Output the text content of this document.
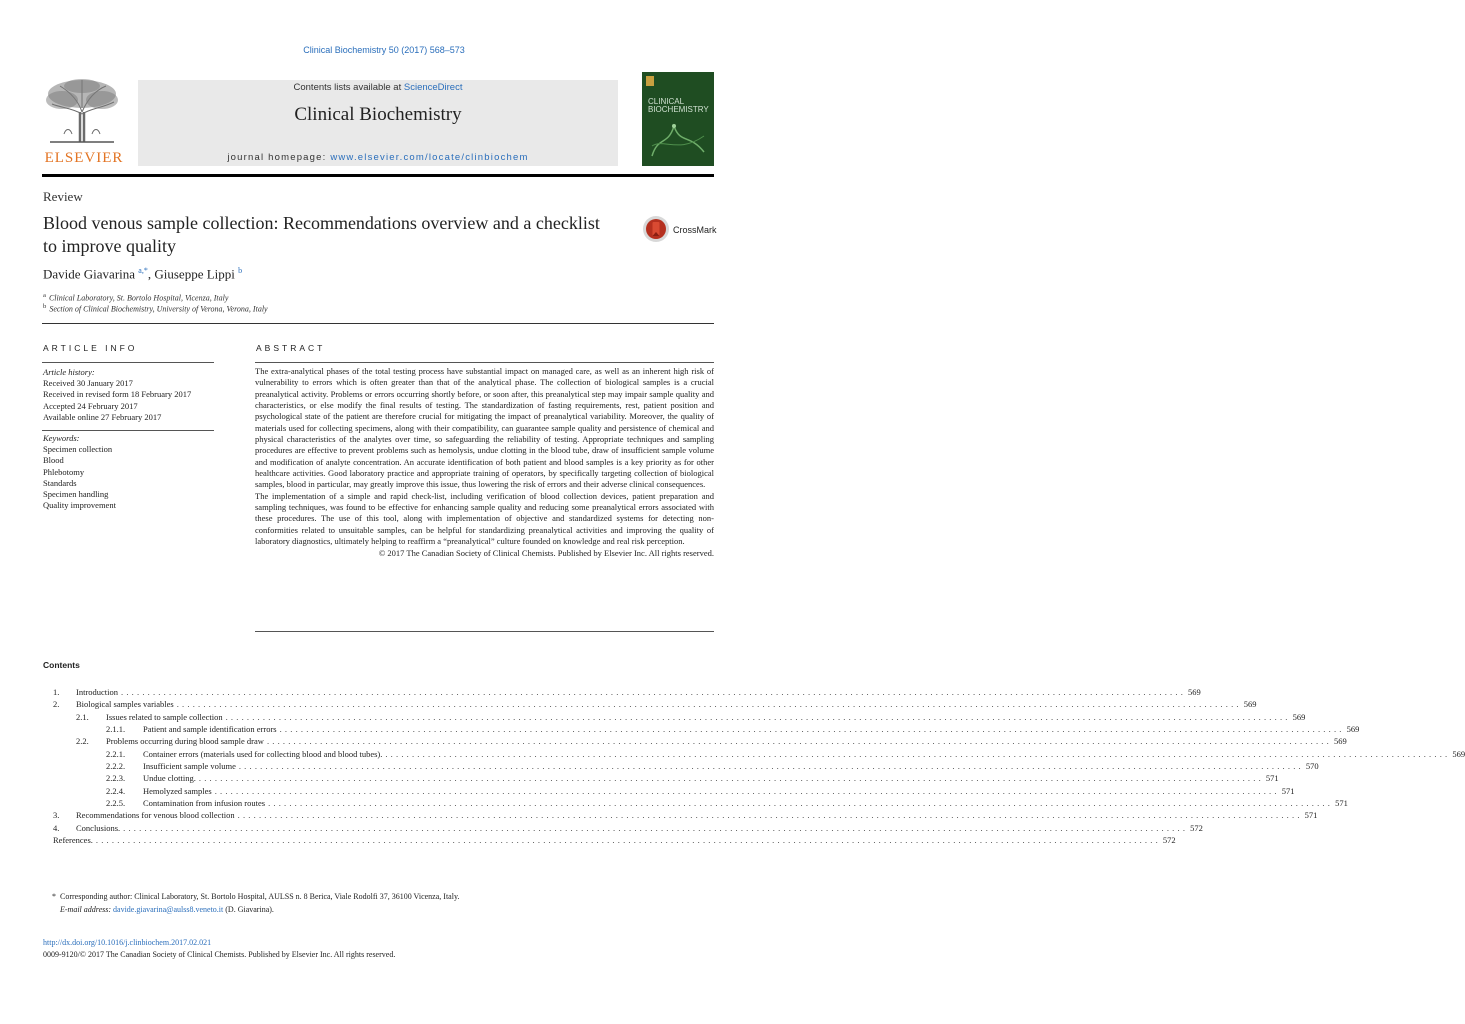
Clinical Biochemistry 50 (2017) 568–573
ELSEVIER
Contents lists available at ScienceDirect
Clinical Biochemistry
journal homepage: www.elsevier.com/locate/clinbiochem
CLINICAL
BIOCHEMISTRY
Review
Blood venous sample collection: Recommendations overview and a checklist to improve quality
CrossMark
Davide Giavarina $^{a,*}$, Giuseppe Lippi $^b$
$^a$ Clinical Laboratory, St. Bortolo Hospital, Vicenza, Italy
$^b$ Section of Clinical Biochemistry, University of Verona, Verona, Italy
ARTICLE INFO	ABSTRACT
Article history:
Received 30 January 2017
Received in revised form 18 February 2017
Accepted 24 February 2017
Available online 27 February 2017
Keywords:
Specimen collection
Blood
Phlebotomy
Standards
Specimen handling
Quality improvement

The extra-analytical phases of the total testing process have substantial impact on managed care, as well as an inherent high risk of vulnerability to errors which is often greater than that of the analytical phase. The collection of biological samples is a crucial preanalytical activity. Problems or errors occurring shortly before, or soon after, this preanalytical step may impair sample quality and characteristics, or else modify the final results of testing. The standardization of fasting requirements, rest, patient position and psychological state of the patient are therefore crucial for mitigating the impact of preanalytical variability. Moreover, the quality of materials used for collecting specimens, along with their compatibility, can guarantee sample quality and persistence of chemical and physical characteristics of the analytes over time, so safeguarding the reliability of testing. Appropriate techniques and sampling procedures are effective to prevent problems such as hemolysis, undue clotting in the blood tube, draw of insufficient sample volume and modification of analyte concentration. An accurate identification of both patient and blood samples is a key priority as for other healthcare activities. Good laboratory practice and appropriate training of operators, by specifically targeting collection of biological samples, blood in particular, may greatly improve this issue, thus lowering the risk of errors and their adverse clinical consequences.

The implementation of a simple and rapid check-list, including verification of blood collection devices, patient preparation and sampling techniques, was found to be effective for enhancing sample quality and reducing some preanalytical errors associated with these procedures. The use of this tool, along with implementation of objective and standardized systems for detecting non-conformities related to unsuitable samples, can be helpful for standardizing preanalytical activities and improving the quality of laboratory diagnostics, ultimately helping to reaffirm a “preanalytical” culture founded on knowledge and real risk perception.

© 2017 The Canadian Society of Clinical Chemists. Published by Elsevier Inc. All rights reserved.

Contents
1. Introduction ........................................................................................................................................................................................................ 569
2. Biological samples variables ........................................................................................................................................................................................................ 569
2.1. Issues related to sample collection ........................................................................................................................................................................................................ 569
2.1.1. Patient and sample identification errors ........................................................................................................................................................................................................ 569
2.2. Problems occurring during blood sample draw ........................................................................................................................................................................................................ 569
2.2.1. Container errors (materials used for collecting blood and blood tubes). ........................................................................................................................................................................................................ 569
2.2.2. Insufficient sample volume ........................................................................................................................................................................................................ 570
2.2.3. Undue clotting. ........................................................................................................................................................................................................ 571
2.2.4. Hemolyzed samples ........................................................................................................................................................................................................ 571
2.2.5. Contamination from infusion routes ........................................................................................................................................................................................................ 571
3. Recommendations for venous blood collection ........................................................................................................................................................................................................ 571
4. Conclusions. ........................................................................................................................................................................................................ 572
References. ........................................................................................................................................................................................................ 572
* Corresponding author: Clinical Laboratory, St. Bortolo Hospital, AULSS n. 8 Berica, Viale Rodolfi 37, 36100 Vicenza, Italy.
E-mail address: davide.giavarina@aulss8.veneto.it (D. Giavarina).
http://dx.doi.org/10.1016/j.clinbiochem.2017.02.021
0009-9120/© 2017 The Canadian Society of Clinical Chemists. Published by Elsevier Inc. All rights reserved.
